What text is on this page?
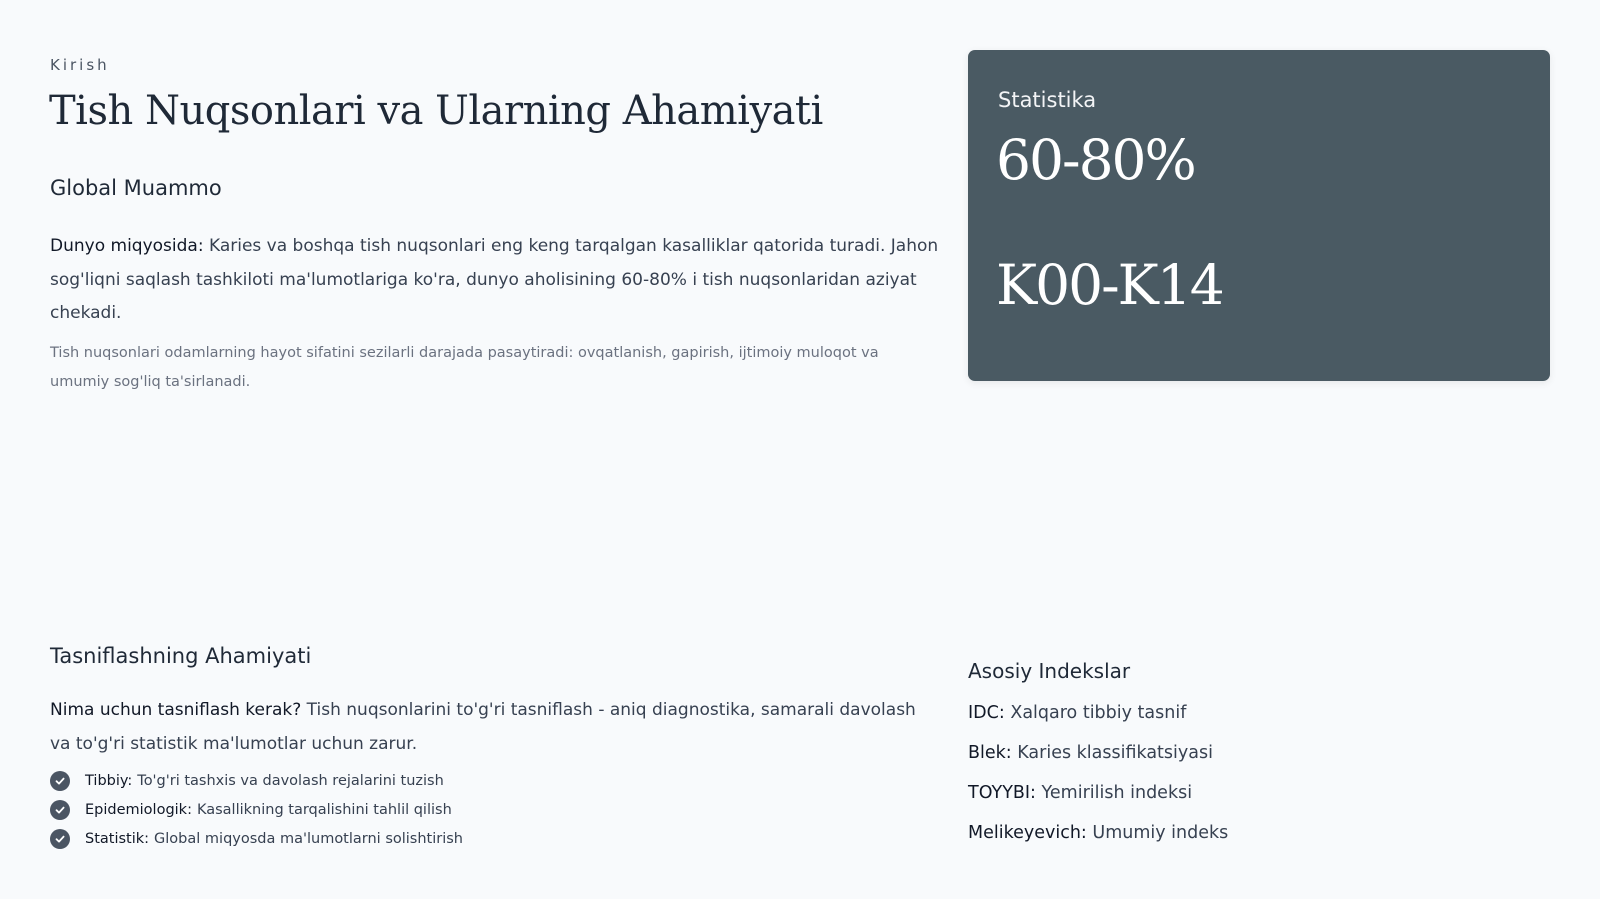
Kirish
Tish Nuqsonlari va Ularning Ahamiyati
Global Muammo

Dunyo miqyosida: Karies va boshqa tish nuqsonlari eng keng tarqalgan kasalliklar qatorida turadi. Jahon sog'liqni saqlash tashkiloti ma'lumotlariga ko'ra, dunyo aholisining 60-80% i tish nuqsonlaridan aziyat chekadi.

Tish nuqsonlari odamlarning hayot sifatini sezilarli darajada pasaytiradi: ovqatlanish, gapirish, ijtimoiy muloqot va umumiy sog'liq ta'sirlanadi.

Statistika
60-80%
K00-K14
Tasniflashning Ahamiyati

Nima uchun tasniflash kerak? Tish nuqsonlarini to'g'ri tasniflash - aniq diagnostika, samarali davolash va to'g'ri statistik ma'lumotlar uchun zarur.

Tibbiy: To'g'ri tashxis va davolash rejalarini tuzish
Epidemiologik: Kasallikning tarqalishini tahlil qilish
Statistik: Global miqyosda ma'lumotlarni solishtirish
Asosiy Indekslar
IDC: Xalqaro tibbiy tasnif
Blek: Karies klassifikatsiyasi
TOYYBI: Yemirilish indeksi
Melikeyevich: Umumiy indeks
